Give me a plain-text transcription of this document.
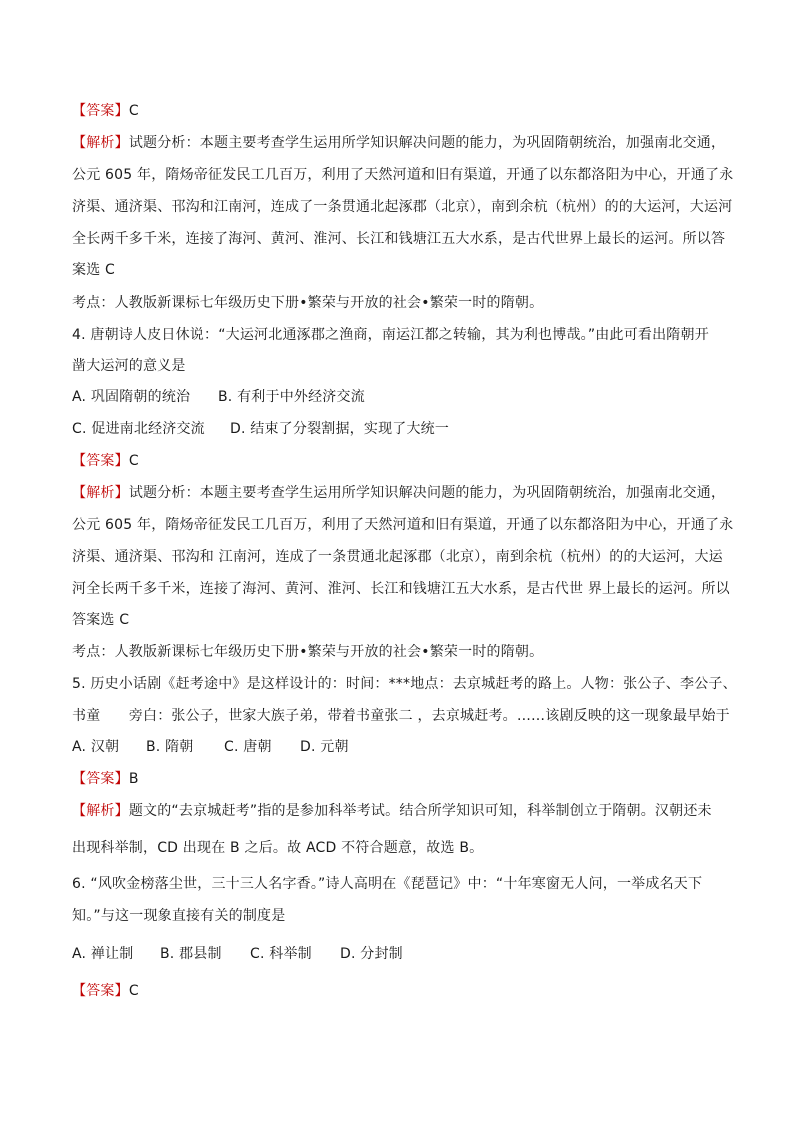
【答案】C
【解析】试题分析：本题主要考查学生运用所学知识解决问题的能力，为巩固隋朝统治，加强南北交通，
公元 605 年，隋炀帝征发民工几百万，利用了天然河道和旧有渠道，开通了以东都洛阳为中心，开通了永
济渠、通济渠、邗沟和江南河，连成了一条贯通北起涿郡（北京），南到余杭（杭州）的的大运河，大运河
全长两千多千米，连接了海河、黄河、淮河、长江和钱塘江五大水系，是古代世界上最长的运河。所以答
案选 C
考点：人教版新课标七年级历史下册•繁荣与开放的社会•繁荣一时的隋朝。
4. 唐朝诗人皮日休说：“大运河北通涿郡之渔商，南运江都之转输，其为利也博哉。”由此可看出隋朝开
凿大运河的意义是
A. 巩固隋朝的统治 B. 有利于中外经济交流
C. 促进南北经济交流 D. 结束了分裂割据，实现了大统一
【答案】C
【解析】试题分析：本题主要考查学生运用所学知识解决问题的能力，为巩固隋朝统治，加强南北交通，
公元 605 年，隋炀帝征发民工几百万，利用了天然河道和旧有渠道，开通了以东都洛阳为中心，开通了永
济渠、通济渠、邗沟和 江南河，连成了一条贯通北起涿郡（北京），南到余杭（杭州）的的大运河，大运
河全长两千多千米，连接了海河、黄河、淮河、长江和钱塘江五大水系，是古代世 界上最长的运河。所以
答案选 C
考点：人教版新课标七年级历史下册•繁荣与开放的社会•繁荣一时的隋朝。
5. 历史小话剧《赶考途中》是这样设计的：时间：***地点：去京城赶考的路上。人物：张公子、李公子、
书童　　旁白：张公子，世家大族子弟，带着书童张二 ，去京城赶考。……该剧反映的这一现象最早始于
A. 汉朝 B. 隋朝 C. 唐朝 D. 元朝
【答案】B
【解析】题文的“去京城赶考”指的是参加科举考试。结合所学知识可知，科举制创立于隋朝。汉朝还未
出现科举制，CD 出现在 B 之后。故 ACD 不符合题意，故选 B。
6. “风吹金榜落尘世，三十三人名字香。”诗人高明在《琵琶记》中：“十年寒窗无人问，一举成名天下
知。”与这一现象直接有关的制度是
A. 禅让制 B. 郡县制 C. 科举制 D. 分封制
【答案】C
